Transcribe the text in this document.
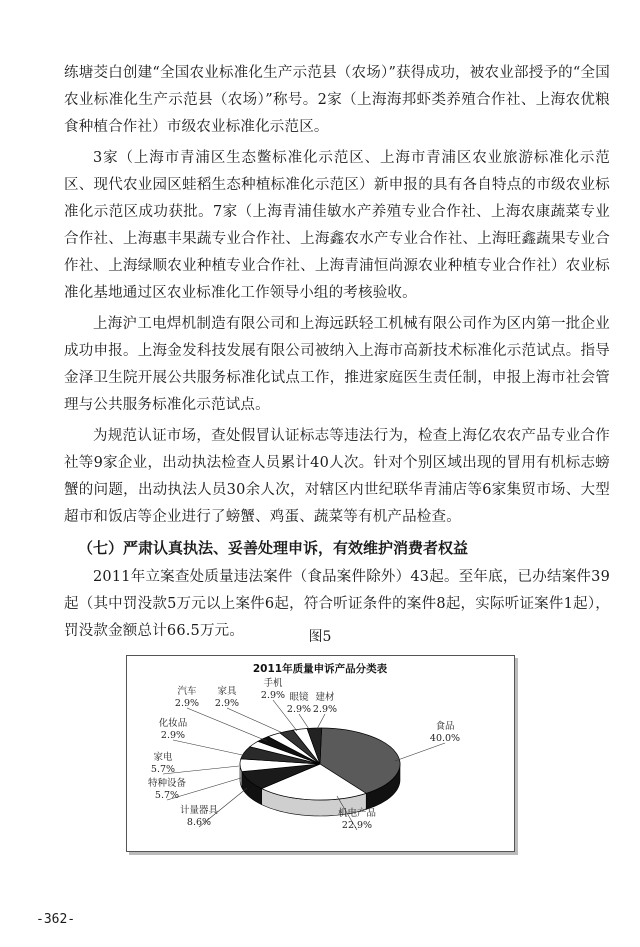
练塘茭白创建“全国农业标准化生产示范县（农场）”获得成功，被农业部授予的“全国农业标准化生产示范县（农场）”称号。2家（上海海邦虾类养殖合作社、上海农优粮食种植合作社）市级农业标准化示范区。

3家（上海市青浦区生态鳖标准化示范区、上海市青浦区农业旅游标准化示范区、现代农业园区蛙稻生态种植标准化示范区）新申报的具有各自特点的市级农业标准化示范区成功获批。7家（上海青浦佳敏水产养殖专业合作社、上海农康蔬菜专业合作社、上海惠丰果蔬专业合作社、上海鑫农水产专业合作社、上海旺鑫蔬果专业合作社、上海绿顺农业种植专业合作社、上海青浦恒尚源农业种植专业合作社）农业标准化基地通过区农业标准化工作领导小组的考核验收。

上海沪工电焊机制造有限公司和上海远跃轻工机械有限公司作为区内第一批企业成功申报。上海金发科技发展有限公司被纳入上海市高新技术标准化示范试点。指导金泽卫生院开展公共服务标准化试点工作，推进家庭医生责任制，申报上海市社会管理与公共服务标准化示范试点。

为规范认证市场，查处假冒认证标志等违法行为，检查上海亿农农产品专业合作社等9家企业，出动执法检查人员累计40人次。针对个别区域出现的冒用有机标志螃蟹的问题，出动执法人员30余人次，对辖区内世纪联华青浦店等6家集贸市场、大型超市和饭店等企业进行了螃蟹、鸡蛋、蔬菜等有机产品检查。

（七）严肃认真执法、妥善处理申诉，有效维护消费者权益

2011年立案查处质量违法案件（食品案件除外）43起。至年底，已办结案件39起（其中罚没款5万元以上案件6起，符合听证条件的案件8起，实际听证案件1起），罚没款金额总计66.5万元。	图5
2011年质量申诉产品分类表
食品
40.0%
机电产品
22.9%
计量器具
8.6%
特种设备
5.7%
家电
5.7%
化妆品
2.9%
汽车
2.9%
家具
2.9%
手机
2.9% 眼镜
2.9%
建材
2.9%
-362-
